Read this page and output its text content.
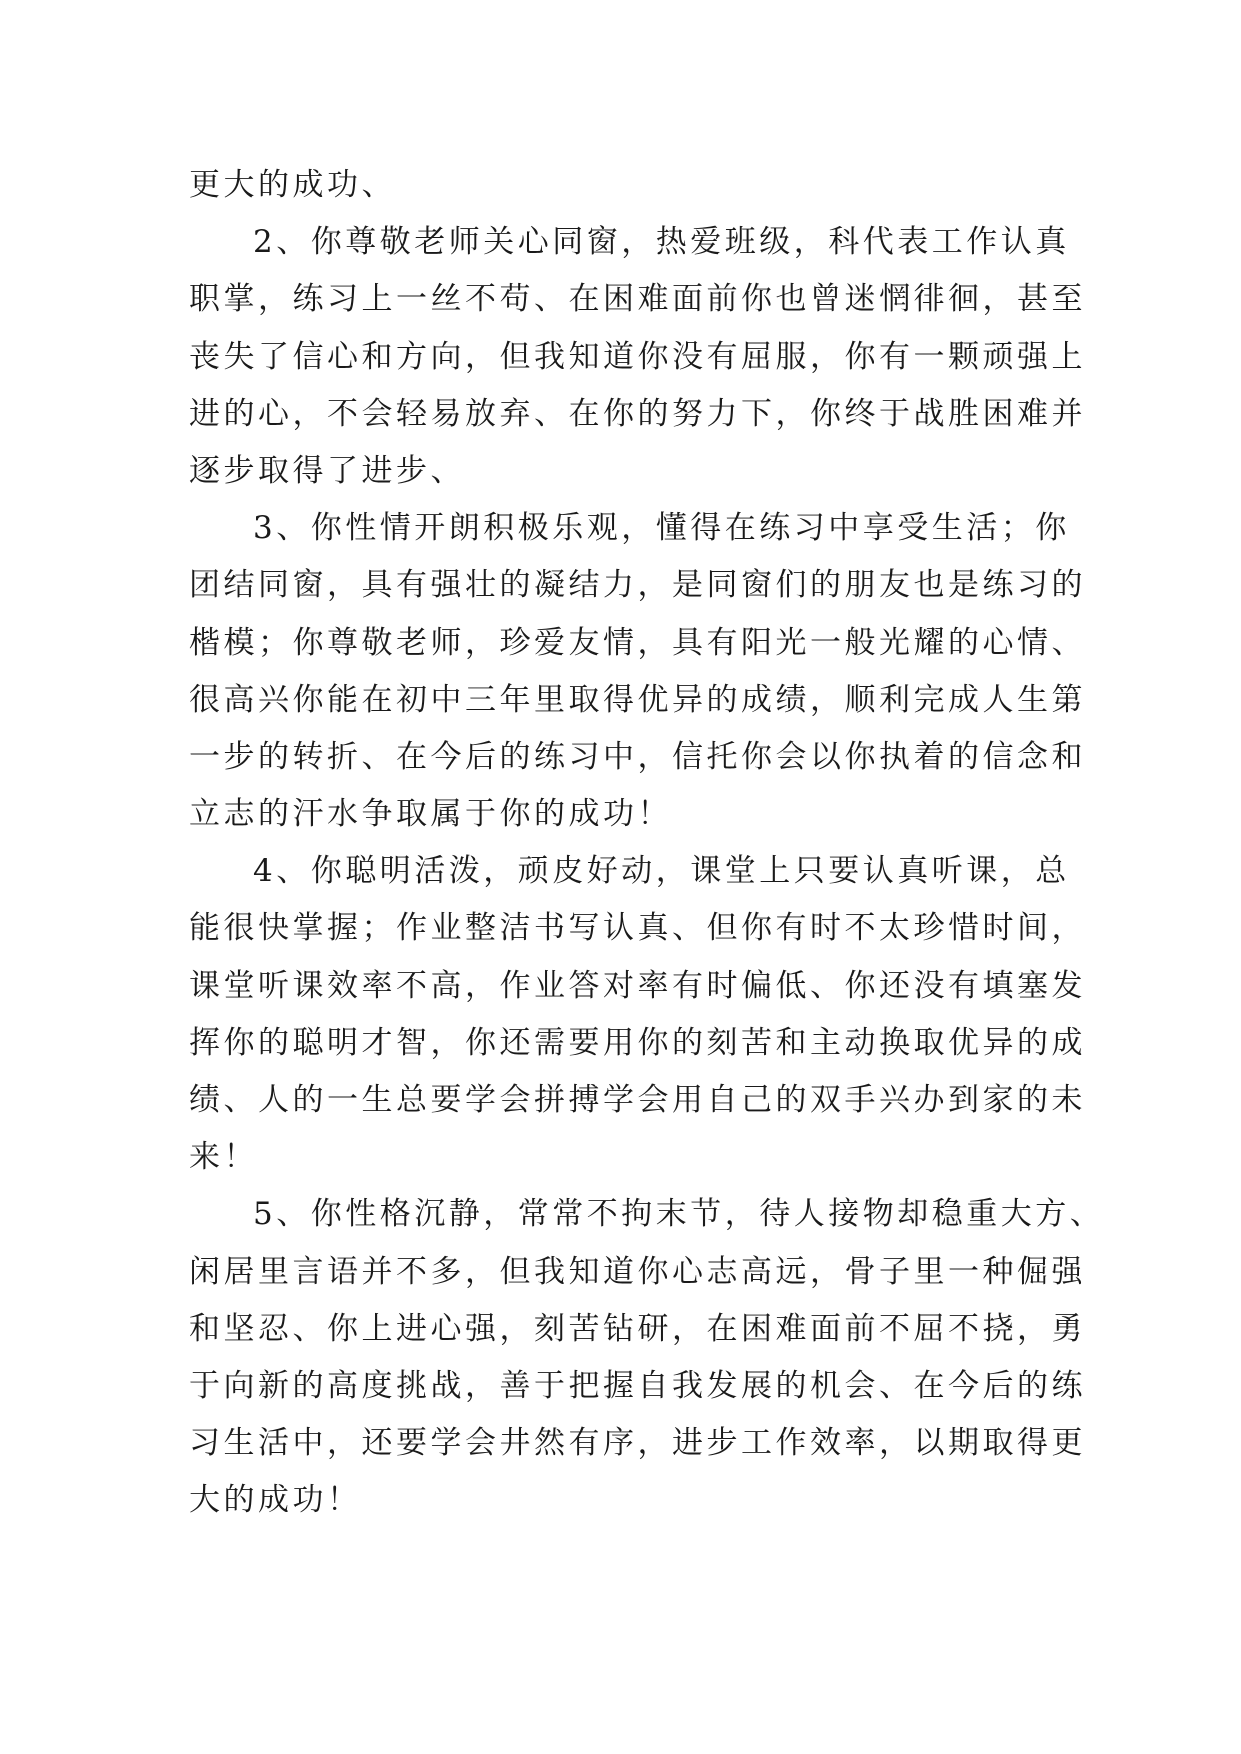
更大的成功、
2、你尊敬老师关心同窗，热爱班级，科代表工作认真
职掌，练习上一丝不苟、在困难面前你也曾迷惘徘徊，甚至
丧失了信心和方向，但我知道你没有屈服，你有一颗顽强上
进的心，不会轻易放弃、在你的努力下，你终于战胜困难并
逐步取得了进步、
3、你性情开朗积极乐观，懂得在练习中享受生活；你
团结同窗，具有强壮的凝结力，是同窗们的朋友也是练习的
楷模；你尊敬老师，珍爱友情，具有阳光一般光耀的心情、
很高兴你能在初中三年里取得优异的成绩，顺利完成人生第
一步的转折、在今后的练习中，信托你会以你执着的信念和
立志的汗水争取属于你的成功！
4、你聪明活泼，顽皮好动，课堂上只要认真听课，总
能很快掌握；作业整洁书写认真、但你有时不太珍惜时间，
课堂听课效率不高，作业答对率有时偏低、你还没有填塞发
挥你的聪明才智，你还需要用你的刻苦和主动换取优异的成
绩、人的一生总要学会拼搏学会用自己的双手兴办到家的未
来！
5、你性格沉静，常常不拘末节，待人接物却稳重大方、
闲居里言语并不多，但我知道你心志高远，骨子里一种倔强
和坚忍、你上进心强，刻苦钻研，在困难面前不屈不挠，勇
于向新的高度挑战，善于把握自我发展的机会、在今后的练
习生活中，还要学会井然有序，进步工作效率，以期取得更
大的成功！
